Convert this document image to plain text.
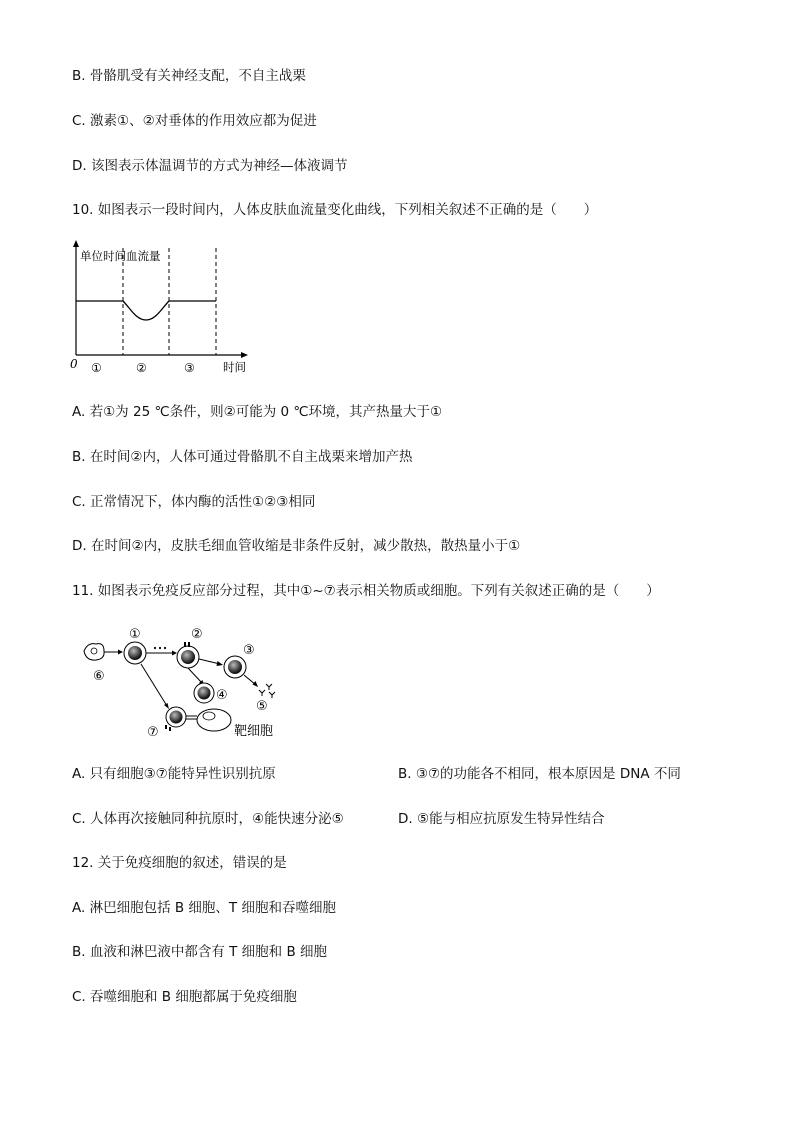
B. 骨骼肌受有关神经支配，不自主战栗
C. 激素①、②对垂体的作用效应都为促进
D. 该图表示体温调节的方式为神经—体液调节
10. 如图表示一段时间内，人体皮肤血流量变化曲线，下列相关叙述不正确的是（　　）
单位时间血流量
0 ①	②	③ 时间
A. 若①为 25 ℃条件，则②可能为 0 ℃环境，其产热量大于①
B. 在时间②内，人体可通过骨骼肌不自主战栗来增加产热
C. 正常情况下，体内酶的活性①②③相同
D. 在时间②内，皮肤毛细血管收缩是非条件反射，减少散热，散热量小于①
11. 如图表示免疫反应部分过程，其中①~⑦表示相关物质或细胞。下列有关叙述正确的是（　　）
⑥
①	②
③
⑤
④
⑦	靶细胞
A. 只有细胞③⑦能特异性识别抗原	B. ③⑦的功能各不相同，根本原因是 DNA 不同
C. 人体再次接触同种抗原时，④能快速分泌⑤	D. ⑤能与相应抗原发生特异性结合
12. 关于免疫细胞的叙述，错误的是
A. 淋巴细胞包括 B 细胞、T 细胞和吞噬细胞
B. 血液和淋巴液中都含有 T 细胞和 B 细胞
C. 吞噬细胞和 B 细胞都属于免疫细胞
